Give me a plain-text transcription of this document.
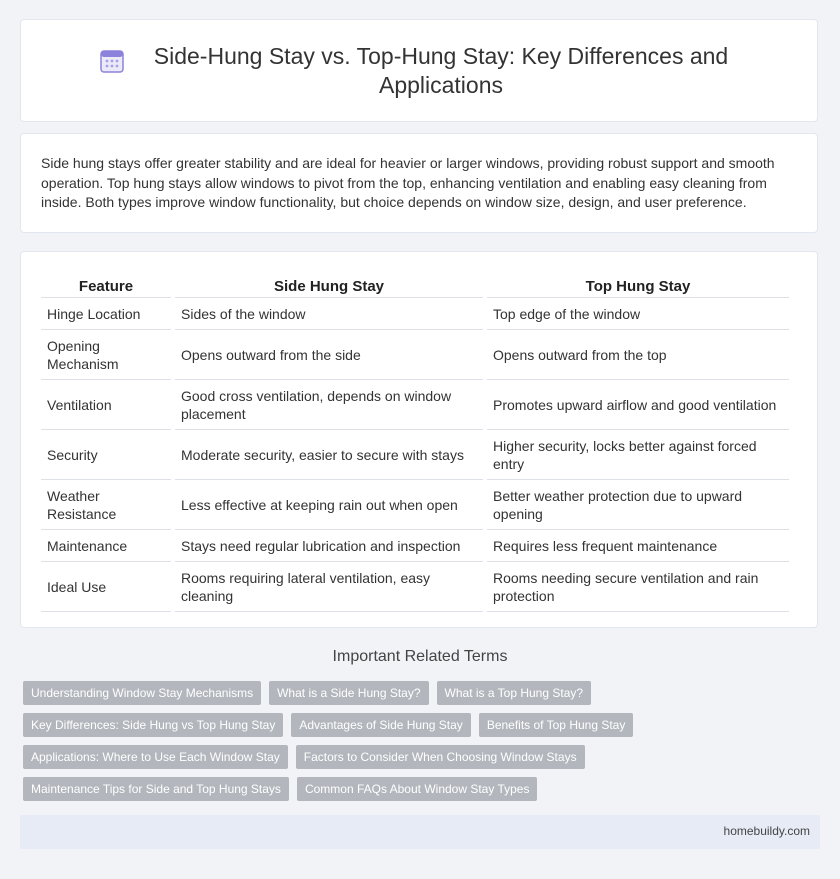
Side-Hung Stay vs. Top-Hung Stay: Key Differences and Applications
Side hung stays offer greater stability and are ideal for heavier or larger windows, providing robust support and smooth operation. Top hung stays allow windows to pivot from the top, enhancing ventilation and enabling easy cleaning from inside. Both types improve window functionality, but choice depends on window size, design, and user preference.
Feature	Side Hung Stay	Top Hung Stay
Hinge Location	Sides of the window	Top edge of the window
Opening Mechanism	Opens outward from the side	Opens outward from the top
Ventilation	Good cross ventilation, depends on window placement	Promotes upward airflow and good ventilation
Security	Moderate security, easier to secure with stays	Higher security, locks better against forced entry
Weather Resistance	Less effective at keeping rain out when open	Better weather protection due to upward opening
Maintenance	Stays need regular lubrication and inspection	Requires less frequent maintenance
Ideal Use	Rooms requiring lateral ventilation, easy cleaning	Rooms needing secure ventilation and rain protection
Important Related Terms
Understanding Window Stay Mechanisms	What is a Side Hung Stay?	What is a Top Hung Stay?
Key Differences: Side Hung vs Top Hung Stay	Advantages of Side Hung Stay	Benefits of Top Hung Stay
Applications: Where to Use Each Window Stay	Factors to Consider When Choosing Window Stays
Maintenance Tips for Side and Top Hung Stays	Common FAQs About Window Stay Types
homebuildy.com
